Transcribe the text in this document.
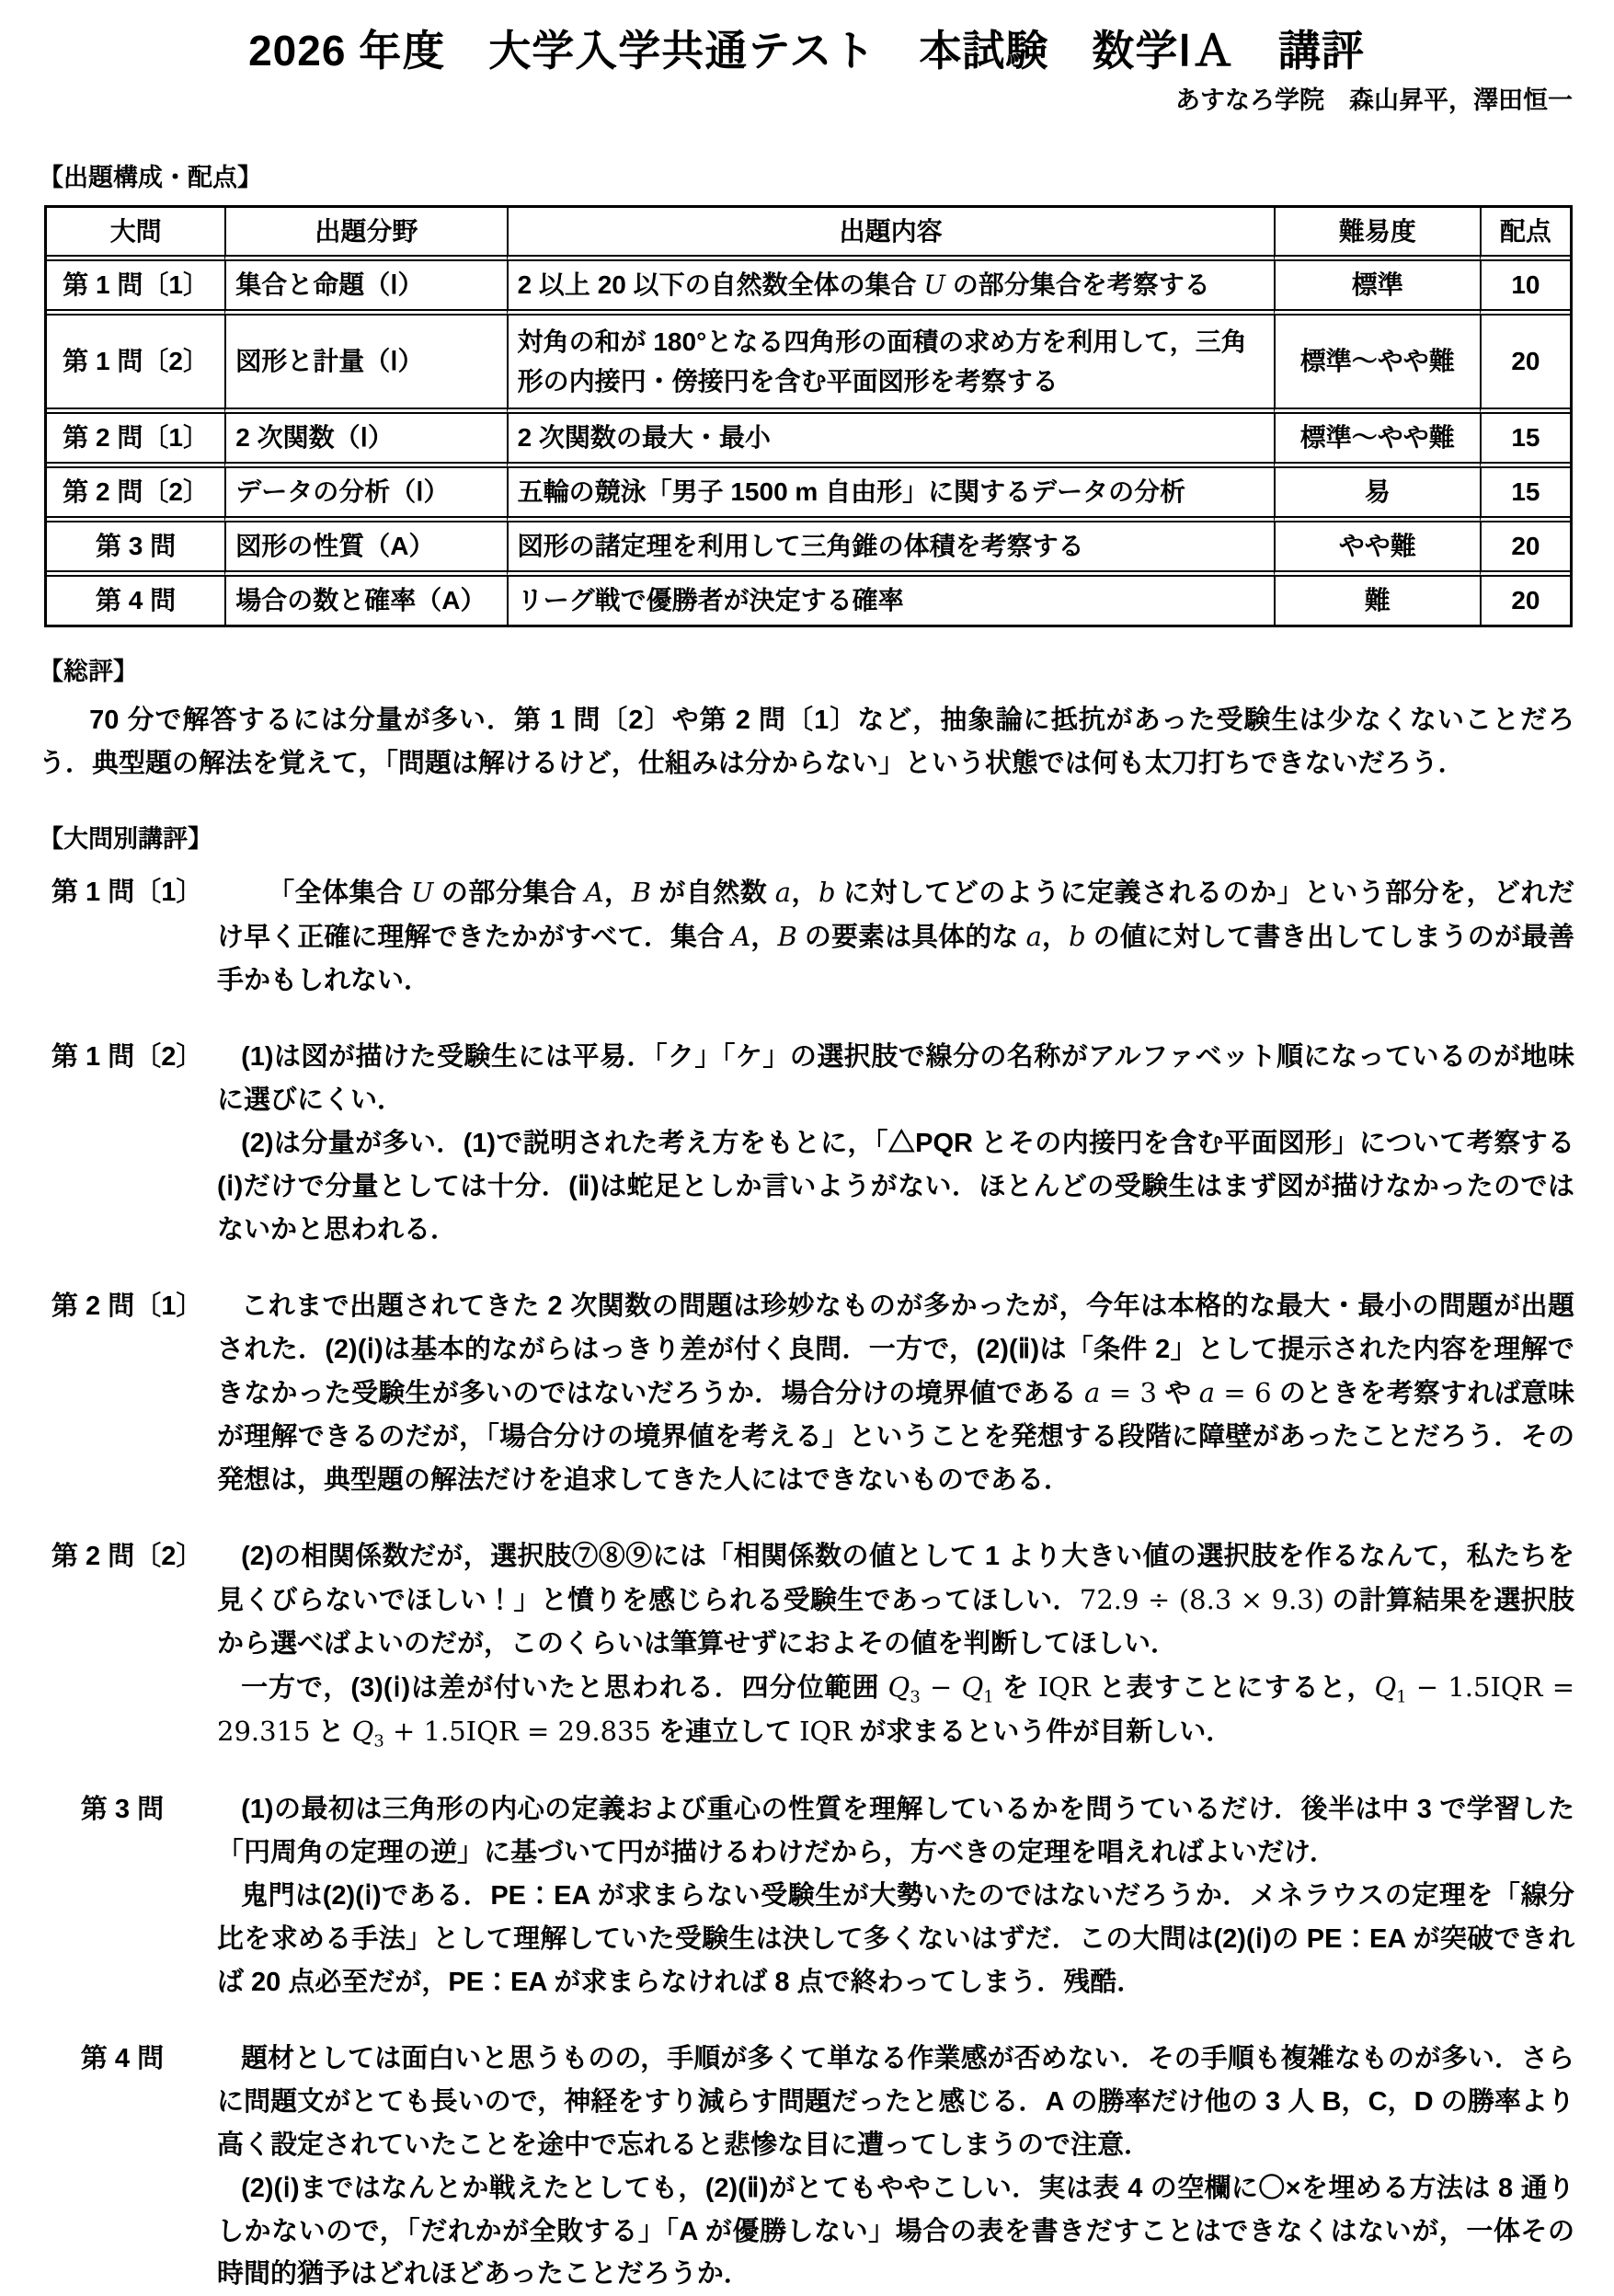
2026 年度　大学入学共通テスト　本試験　数学ⅠＡ　講評
あすなろ学院　森山昇平，澤田恒一
【出題構成・配点】
大問	出題分野	出題内容	難易度	配点
第 1 問〔1〕	集合と命題（Ⅰ）	2 以上 20 以下の自然数全体の集合 U の部分集合を考察する	標準	10
第 1 問〔2〕	図形と計量（Ⅰ）	対角の和が 180°となる四角形の面積の求め方を利用して，三角形の内接円・傍接円を含む平面図形を考察する	標準〜やや難	20
第 2 問〔1〕	2 次関数（Ⅰ）	2 次関数の最大・最小	標準〜やや難	15
第 2 問〔2〕	データの分析（Ⅰ）	五輪の競泳「男子 1500 m 自由形」に関するデータの分析	易	15
第 3 問	図形の性質（A）	図形の諸定理を利用して三角錐の体積を考察する	やや難	20
第 4 問	場合の数と確率（A）	リーグ戦で優勝者が決定する確率	難	20
【総評】

70 分で解答するには分量が多い．第 1 問〔2〕や第 2 問〔1〕など，抽象論に抵抗があった受験生は少なくないことだろう．典型題の解法を覚えて，「問題は解けるけど，仕組みは分からない」という状態では何も太刀打ちできないだろう．

【大問別講評】
第 1 問〔1〕	「全体集合 U の部分集合 A，B が自然数 a，b に対してどのように定義されるのか」という部分を，どれだけ早く正確に理解できたかがすべて．集合 A，B の要素は具体的な a，b の値に対して書き出してしまうのが最善手かもしれない．

第 1 問〔2〕	(1)は図が描けた受験生には平易．「ク」「ケ」の選択肢で線分の名称がアルファベット順になっているのが地味に選びにくい．

(2)は分量が多い．(1)で説明された考え方をもとに，「△PQR とその内接円を含む平面図形」について考察する(ⅰ)だけで分量としては十分．(ⅱ)は蛇足としか言いようがない．ほとんどの受験生はまず図が描けなかったのではないかと思われる．

第 2 問〔1〕	これまで出題されてきた 2 次関数の問題は珍妙なものが多かったが，今年は本格的な最大・最小の問題が出題された．(2)(ⅰ)は基本的ながらはっきり差が付く良問．一方で，(2)(ⅱ)は「条件 2」として提示された内容を理解できなかった受験生が多いのではないだろうか．場合分けの境界値である a = 3 や a = 6 のときを考察すれば意味が理解できるのだが，「場合分けの境界値を考える」ということを発想する段階に障壁があったことだろう．その発想は，典型題の解法だけを追求してきた人にはできないものである．

第 2 問〔2〕	(2)の相関係数だが，選択肢⑦⑧⑨には「相関係数の値として 1 より大きい値の選択肢を作るなんて，私たちを見くびらないでほしい！」と憤りを感じられる受験生であってほしい．72.9 ÷ (8.3 × 9.3) の計算結果を選択肢から選べばよいのだが，このくらいは筆算せずにおよその値を判断してほしい．

一方で，(3)(ⅰ)は差が付いたと思われる．四分位範囲 $Q_3 - Q_1$ を IQR と表すことにすると，$Q_1 - 1.5IQR = 29.315$ と $Q_3 + 1.5IQR = 29.835$ を連立して IQR が求まるという件が目新しい．

第 3 問	(1)の最初は三角形の内心の定義および重心の性質を理解しているかを問うているだけ．後半は中 3 で学習した「円周角の定理の逆」に基づいて円が描けるわけだから，方べきの定理を唱えればよいだけ．

鬼門は(2)(ⅰ)である．PE：EA が求まらない受験生が大勢いたのではないだろうか．メネラウスの定理を「線分比を求める手法」として理解していた受験生は決して多くないはずだ．この大問は(2)(ⅰ)の PE：EA が突破できれば 20 点必至だが，PE：EA が求まらなければ 8 点で終わってしまう．残酷．

第 4 問	題材としては面白いと思うものの，手順が多くて単なる作業感が否めない．その手順も複雑なものが多い．さらに問題文がとても長いので，神経をすり減らす問題だったと感じる．A の勝率だけ他の 3 人 B，C，D の勝率より高く設定されていたことを途中で忘れると悲惨な目に遭ってしまうので注意．

(2)(ⅰ)まではなんとか戦えたとしても，(2)(ⅱ)がとてもややこしい．実は表 4 の空欄に〇×を埋める方法は 8 通りしかないので，「だれかが全敗する」「A が優勝しない」場合の表を書きだすことはできなくはないが，一体その時間的猶予はどれほどあったことだろうか．
